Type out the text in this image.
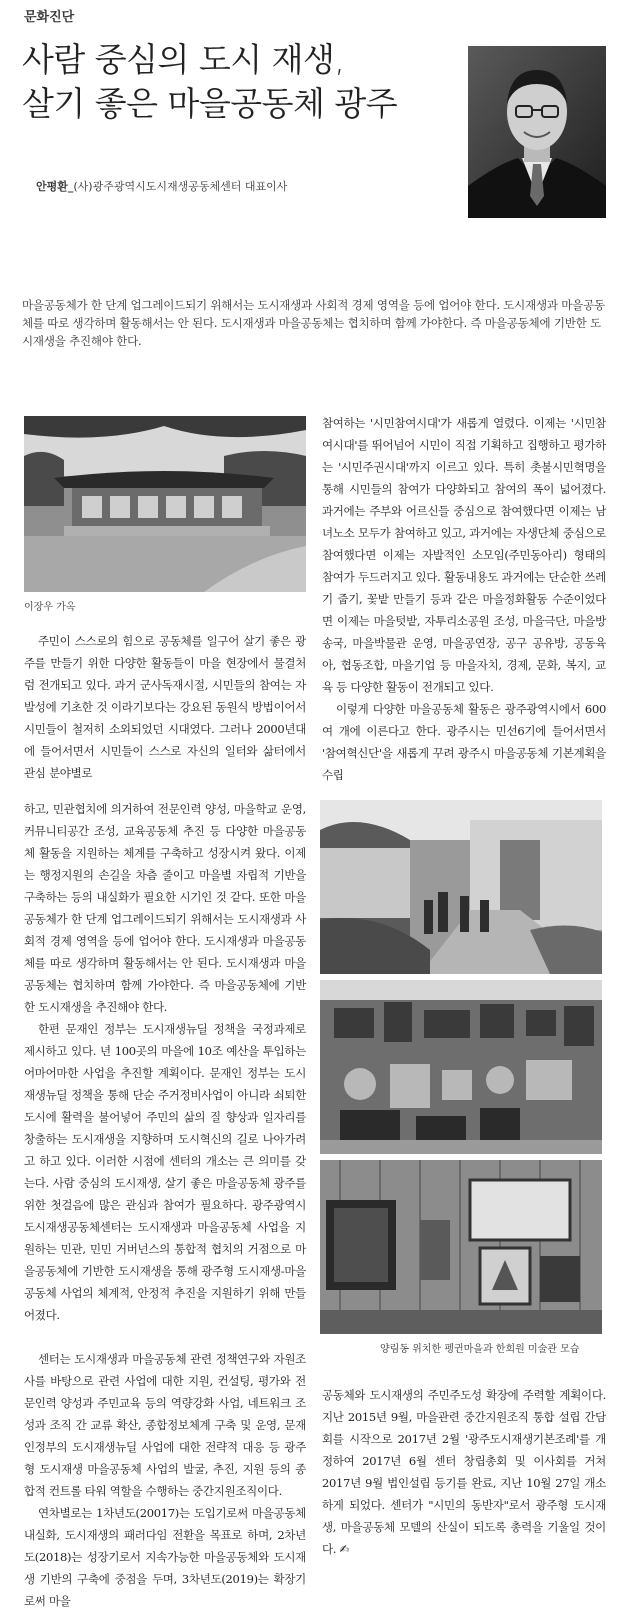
문화진단
사람 중심의 도시 재생,
살기 좋은 마을공동체 광주
안평환_(사)광주광역시도시재생공동체센터 대표이사

마을공동체가 한 단계 업그레이드되기 위해서는 도시재생과 사회적 경제 영역을 등에 업어야 한다. 도시재생과 마을공동체를 따로 생각하며 활동해서는 안 된다. 도시재생과 마을공동체는 협치하며 함께 가야한다. 즉 마을공동체에 기반한 도시재생을 추진해야 한다.

이장우 가옥

주민이 스스로의 힘으로 공동체를 일구어 살기 좋은 광주를 만들기 위한 다양한 활동들이 마을 현장에서 물결처럼 전개되고 있다. 과거 군사독재시절, 시민들의 참여는 자발성에 기초한 것 이라기보다는 강요된 동원식 방법이어서 시민들이 철저히 소외되었던 시대였다. 그러나 2000년대에 들어서면서 시민들이 스스로 자신의 일터와 삶터에서 관심 분야별로

참여하는 '시민참여시대'가 새롭게 열렸다. 이제는 '시민참여시대'를 뛰어넘어 시민이 직접 기획하고 집행하고 평가하는 '시민주권시대'까지 이르고 있다. 특히 촛불시민혁명을 통해 시민들의 참여가 다양화되고 참여의 폭이 넓어졌다. 과거에는 주부와 어르신들 중심으로 참여했다면 이제는 남녀노소 모두가 참여하고 있고, 과거에는 자생단체 중심으로 참여했다면 이제는 자발적인 소모임(주민동아리) 형태의 참여가 두드러지고 있다. 활동내용도 과거에는 단순한 쓰레기 줍기, 꽃밭 만들기 등과 같은 마을정화활동 수준이었다면 이제는 마을텃밭, 자투리소공원 조성, 마을극단, 마을방송국, 마을박물관 운영, 마을공연장, 공구 공유방, 공동육아, 협동조합, 마을기업 등 마을자치, 경제, 문화, 복지, 교육 등 다양한 활동이 전개되고 있다.

이렇게 다양한 마을공동체 활동은 광주광역시에서 600여 개에 이른다고 한다. 광주시는 민선6기에 들어서면서 '참여혁신단'을 새롭게 꾸려 광주시 마을공동체 기본계획을 수립

하고, 민관협치에 의거하여 전문인력 양성, 마을학교 운영, 커뮤니티공간 조성, 교육공동체 추진 등 다양한 마을공동체 활동을 지원하는 체계를 구축하고 성장시켜 왔다. 이제는 행정지원의 손길을 차츰 줄이고 마을별 자립적 기반을 구축하는 등의 내실화가 필요한 시기인 것 같다. 또한 마을공동체가 한 단계 업그레이드되기 위해서는 도시재생과 사회적 경제 영역을 등에 업어야 한다. 도시재생과 마을공동체를 따로 생각하며 활동해서는 안 된다. 도시재생과 마을공동체는 협치하며 함께 가야한다. 즉 마을공동체에 기반한 도시재생을 추진해야 한다.

한편 문재인 정부는 도시재생뉴딜 정책을 국정과제로 제시하고 있다. 년 100곳의 마을에 10조 예산을 투입하는 어마어마한 사업을 추진할 계획이다. 문재인 정부는 도시재생뉴딜 정책을 통해 단순 주거정비사업이 아니라 쇠퇴한 도시에 활력을 불어넣어 주민의 삶의 질 향상과 일자리를 창출하는 도시재생을 지향하며 도시혁신의 길로 나아가려고 하고 있다. 이러한 시점에 센터의 개소는 큰 의미를 갖는다. 사람 중심의 도시재생, 살기 좋은 마을공동체 광주를 위한 첫걸음에 많은 관심과 참여가 필요하다. 광주광역시도시재생공동체센터는 도시재생과 마을공동체 사업을 지원하는 민관, 민민 거버넌스의 통합적 협치의 거점으로 마을공동체에 기반한 도시재생을 통해 광주형 도시재생-마을공동체 사업의 체계적, 안정적 추진을 지원하기 위해 만들어졌다.

센터는 도시재생과 마을공동체 관련 정책연구와 자원조사를 바탕으로 관련 사업에 대한 지원, 컨설팅, 평가와 전문인력 양성과 주민교육 등의 역량강화 사업, 네트워크 조성과 조직 간 교류 확산, 종합정보체계 구축 및 운영, 문재인정부의 도시재생뉴딜 사업에 대한 전략적 대응 등 광주형 도시재생 마을공동체 사업의 발굴, 추진, 지원 등의 종합적 컨트롤 타워 역할을 수행하는 중간지원조직이다.

연차별로는 1차년도(20017)는 도입기로써 마을공동체 내실화, 도시재생의 패러다임 전환을 목표로 하며, 2차년도(2018)는 성장기로서 지속가능한 마을공동체와 도시재생 기반의 구축에 중점을 두며, 3차년도(2019)는 확장기로써 마을

양림동 위치한 펭귄마을과 한희원 미술관 모습

공동체와 도시재생의 주민주도성 확장에 주력할 계획이다. 지난 2015년 9월, 마을관련 중간지원조직 통합 설립 간담회를 시작으로 2017년 2월 '광주도시재생기본조례'를 개정하여 2017년 6월 센터 창립총회 및 이사회를 거쳐 2017년 9월 법인설립 등기를 완료, 지난 10월 27일 개소하게 되었다. 센터가 "시민의 동반자"로서 광주형 도시재생, 마을공동체 모델의 산실이 되도록 총력을 기울일 것이다. ✍
